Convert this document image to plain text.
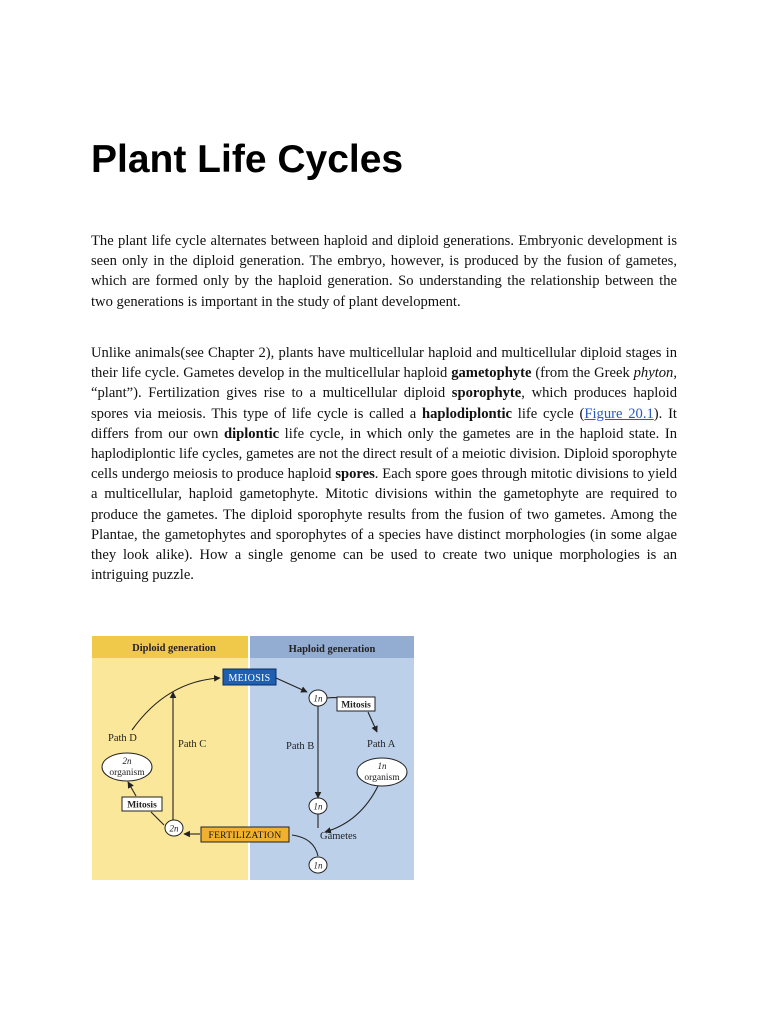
Plant Life Cycles

The plant life cycle alternates between haploid and diploid generations. Embryonic development is seen only in the diploid generation. The embryo, however, is produced by the fusion of gametes, which are formed only by the haploid generation. So understanding the relationship between the two generations is important in the study of plant development.

Unlike animals(see Chapter 2), plants have multicellular haploid and multicellular diploid stages in their life cycle. Gametes develop in the multicellular haploid gametophyte (from the Greek phyton, “plant”). Fertilization gives rise to a multicellular diploid sporophyte, which produces haploid spores via meiosis. This type of life cycle is called a haplodiplontic life cycle (Figure 20.1). It differs from our own diplontic life cycle, in which only the gametes are in the haploid state. In haplodiplontic life cycles, gametes are not the direct result of a meiotic division. Diploid sporophyte cells undergo meiosis to produce haploid spores. Each spore goes through mitotic divisions to yield a multicellular, haploid gametophyte. Mitotic divisions within the gametophyte are required to produce the gametes. The diploid sporophyte results from the fusion of two gametes. Among the Plantae, the gametophytes and sporophytes of a species have distinct morphologies (in some algae they look alike). How a single genome can be used to create two unique morphologies is an intriguing puzzle.

Diploid generation	Haploid generation
MEIOSIS
1n
Mitosis
Path A
Path B
Path C
Path D
1n
organism
2n
organism
1n
Mitosis
2n
FERTILIZATION	Gametes
1n
